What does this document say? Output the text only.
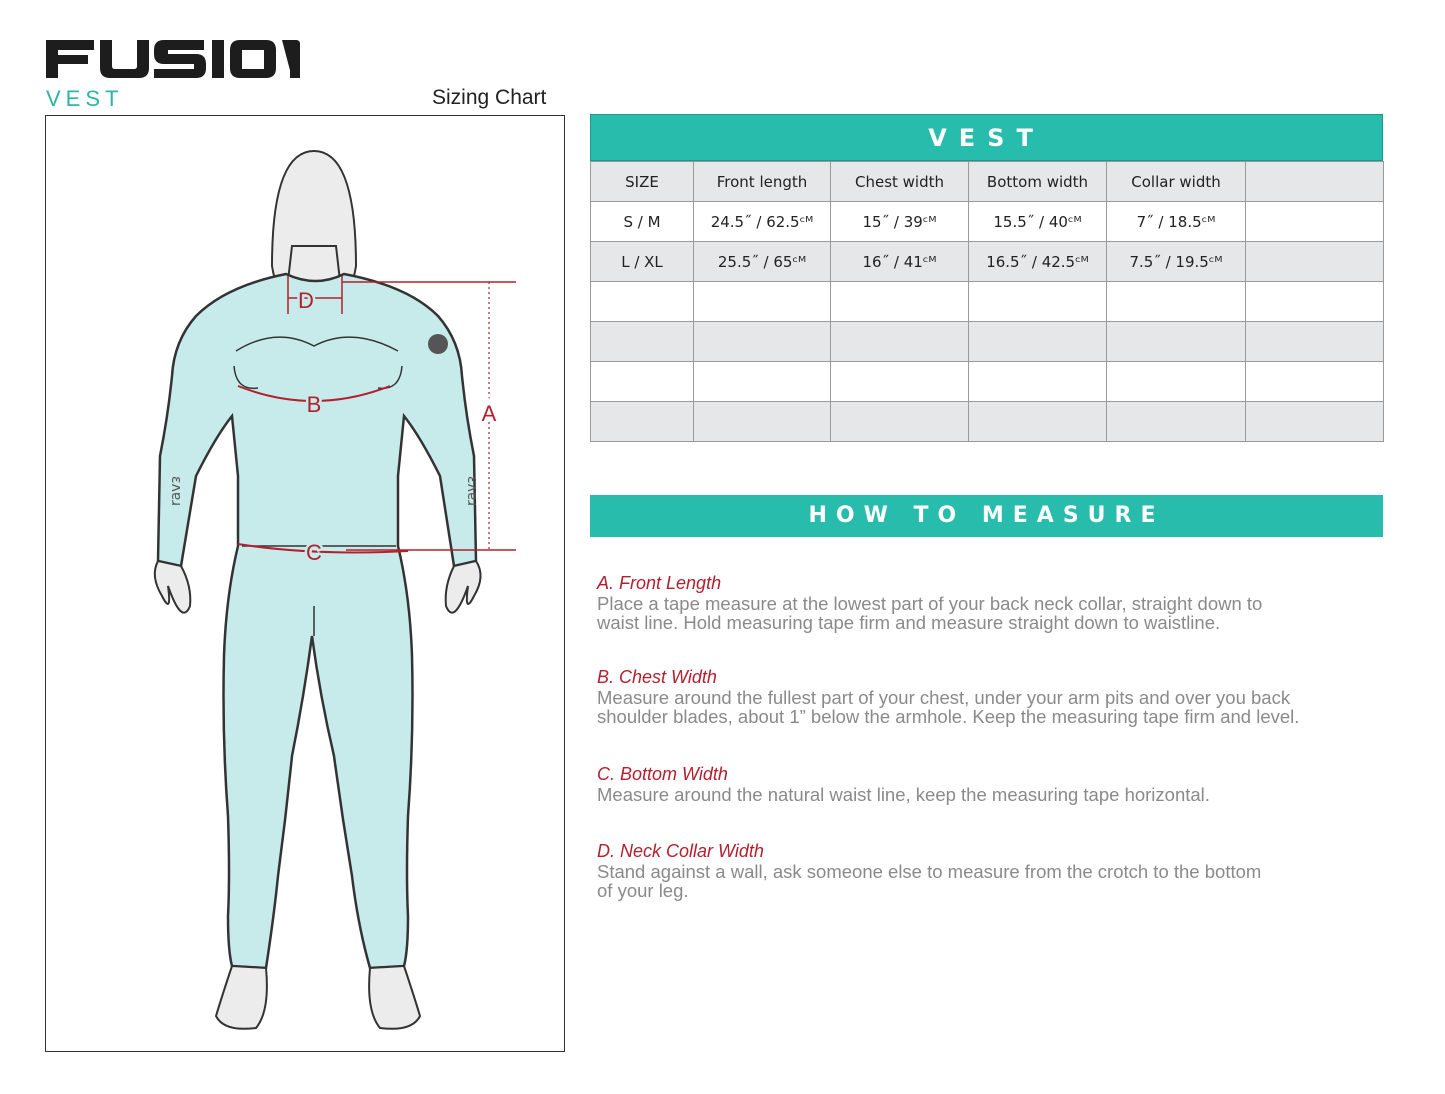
VEST	Sizing Chart
ɛʌɐɹ	ɛʌɐɹ
D
B
C
A
VEST
SIZE	Front length	Chest width	Bottom width	Collar width	
S / M	24.5˝ / 62.5ᶜᴹ	15˝ / 39ᶜᴹ	15.5˝ / 40ᶜᴹ	7˝ / 18.5ᶜᴹ	
L / XL	25.5˝ / 65ᶜᴹ	16˝ / 41ᶜᴹ	16.5˝ / 42.5ᶜᴹ	7.5˝ / 19.5ᶜᴹ	

HOW TO MEASURE
A. Front Length
Place a tape measure at the lowest part of your back neck collar, straight down to
waist line. Hold measuring tape firm and measure straight down to waistline.
B. Chest Width
Measure around the fullest part of your chest, under your arm pits and over you back
shoulder blades, about 1” below the armhole. Keep the measuring tape firm and level.
C. Bottom Width
Measure around the natural waist line, keep the measuring tape horizontal.
D. Neck Collar Width
Stand against a wall, ask someone else to measure from the crotch to the bottom
of your leg.
